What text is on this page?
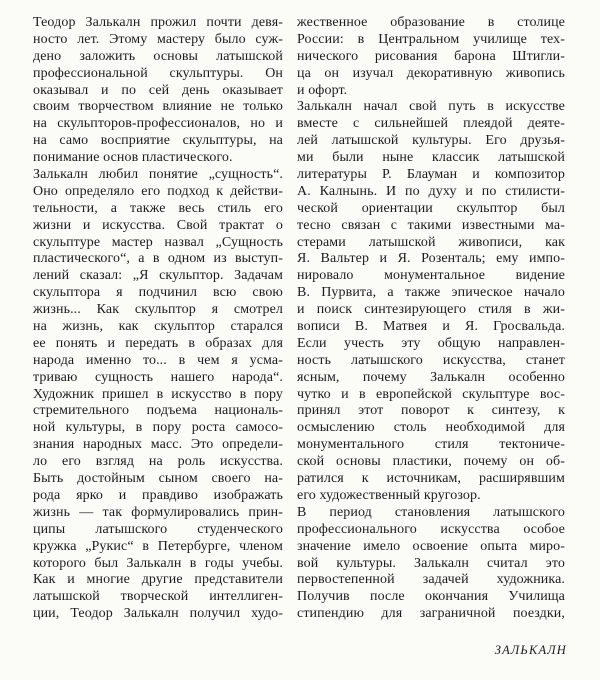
Теодор Залькалн прожил почти девя-
носто лет. Этому мастеру было суж-
дено заложить основы латышской
профессиональной скульптуры. Он
оказывал и по сей день оказывает
своим творчеством влияние не только
на скульпторов-профессионалов, но и
на само восприятие скульптуры, на
понимание основ пластического.
Залькалн любил понятие „сущность“.
Оно определяло его подход к действи-
тельности, а также весь стиль его
жизни и искусства. Свой трактат о
скульптуре мастер назвал „Сущность
пластического“, а в одном из выступ-
лений сказал: „Я скульптор. Задачам
скульптора я подчинил всю свою
жизнь... Как скульптор я смотрел
на жизнь, как скульптор старался
ее понять и передать в образах для
народа именно то... в чем я усма-
триваю сущность нашего народа“.
Художник пришел в искусство в пору
стремительного подъема националь-
ной культуры, в пору роста самосо-
знания народных масс. Это определи-
ло его взгляд на роль искусства.
Быть достойным сыном своего на-
рода ярко и правдиво изображать
жизнь — так формулировались прин-
ципы латышского студенческого
кружка „Рукис“ в Петербурге, членом
которого был Залькалн в годы учебы.
Как и многие другие представители
латышской творческой интеллиген-
ции, Теодор Залькалн получил худо-
жественное образование в столице
России: в Центральном училище тех-
нического рисования барона Штигли-
ца он изучал декоративную живопись
и офорт.
Залькалн начал свой путь в искусстве
вместе с сильнейшей плеядой деяте-
лей латышской культуры. Его друзья-
ми были ныне классик латышской
литературы Р. Блауман и композитор
А. Калнынь. И по духу и по стилисти-
ческой ориентации скульптор был
тесно связан с такими известными ма-
стерами латышской живописи, как
Я. Вальтер и Я. Розенталь; ему импо-
нировало монументальное видение
В. Пурвита, а также эпическое начало
и поиск синтезирующего стиля в жи-
вописи В. Матвея и Я. Гросвальда.
Если учесть эту общую направлен-
ность латышского искусства, станет
ясным, почему Залькалн особенно
чутко и в европейской скульптуре вос-
принял этот поворот к синтезу, к
осмыслению столь необходимой для
монументального стиля тектониче-
ской основы пластики, почему он об-
ратился к источникам, расширявшим
его художественный кругозор.
В период становления латышского
профессионального искусства особое
значение имело освоение опыта миро-
вой культуры. Залькалн считал это
первостепенной задачей художника.
Получив после окончания Училища
стипендию для заграничной поездки,
ЗАЛЬКАЛН
